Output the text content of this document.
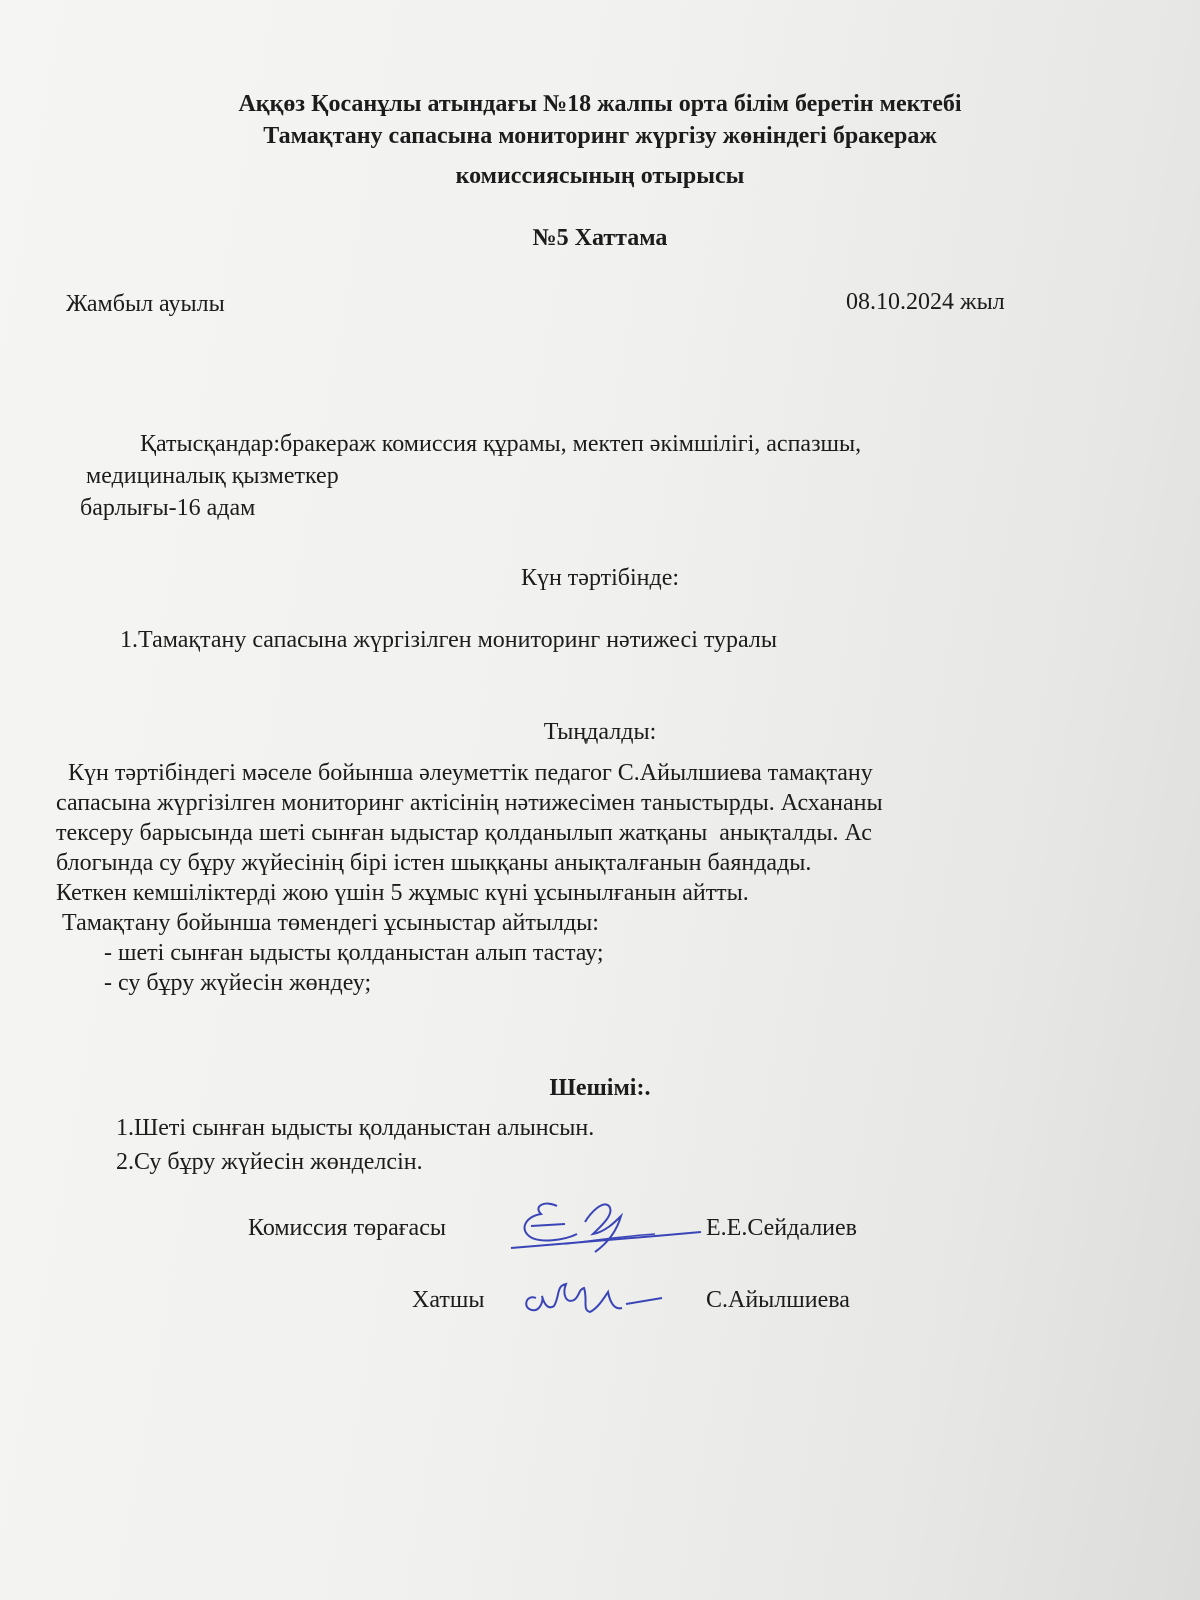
Аққөз Қосанұлы атындағы №18 жалпы орта білім беретін мектебі
Тамақтану сапасына мониторинг жүргізу жөніндегі бракераж
комиссиясының отырысы
№5 Хаттама
Жамбыл ауылы	08.10.2024 жыл
Қатысқандар:бракераж комиссия құрамы, мектеп әкімшілігі, аспазшы,
медициналық қызметкер
барлығы-16 адам
Күн тәртібінде:
1.Тамақтану сапасына жүргізілген мониторинг нәтижесі туралы
Тыңдалды:
Күн тәртібіндегі мәселе бойынша әлеуметтік педагог С.Айылшиева тамақтану
сапасына жүргізілген мониторинг актісінің нәтижесімен таныстырды. Асхананы
тексеру барысында шеті сынған ыдыстар қолданылып жатқаны  анықталды. Ас
блогында су бұру жүйесінің бірі істен шыққаны анықталғанын баяндады.
Кеткен кемшіліктерді жою үшін 5 жұмыс күні ұсынылғанын айтты.
Тамақтану бойынша төмендегі ұсыныстар айтылды:
- шеті сынған ыдысты қолданыстан алып тастау;
- су бұру жүйесін жөндеу;
Шешімі:.
1.Шеті сынған ыдысты қолданыстан алынсын.
2.Су бұру жүйесін жөнделсін.
Комиссия төрағасы	Е.Е.Сейдалиев
Хатшы	С.Айылшиева
